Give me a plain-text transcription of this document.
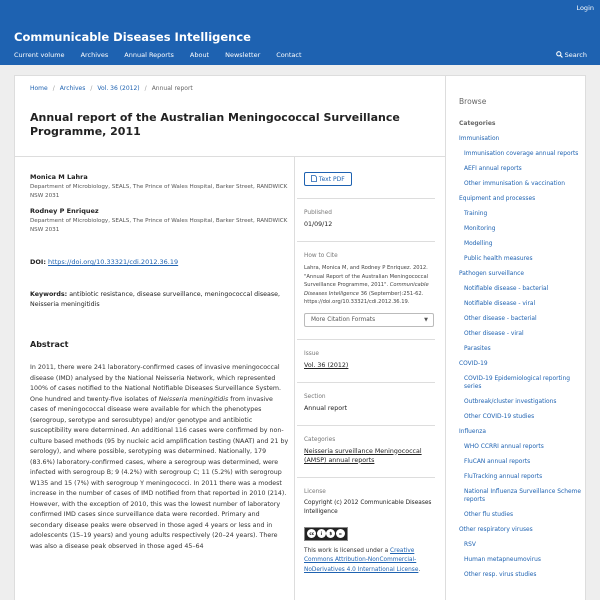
Login
Communicable Diseases Intelligence
Current volume Archives Annual Reports About Newsletter Contact	Search
Home / Archives / Vol. 36 (2012) / Annual report
Annual report of the Australian Meningococcal Surveillance Programme, 2011
Monica M Lahra
Department of Microbiology, SEALS, The Prince of Wales Hospital, Barker Street, RANDWICK NSW 2031
Rodney P Enriquez
Department of Microbiology, SEALS, The Prince of Wales Hospital, Barker Street, RANDWICK NSW 2031
DOI: https://doi.org/10.33321/cdi.2012.36.19
Keywords: antibiotic resistance, disease surveillance, meningococcal disease, Neisseria meningitidis
Abstract
In 2011, there were 241 laboratory-confirmed cases of invasive meningococcal disease (IMD) analysed by the National Neisseria Network, which represented 100% of cases notified to the National Notifiable Diseases Surveillance System. One hundred and twenty-five isolates of Neisseria meningitidis from invasive cases of meningococcal disease were available for which the phenotypes (serogroup, serotype and serosubtype) and/or genotype and antibiotic susceptibility were determined. An additional 116 cases were confirmed by non-culture based methods (95 by nucleic acid amplification testing (NAAT) and 21 by serology), and where possible, serotyping was determined. Nationally, 179 (83.6%) laboratory-confirmed cases, where a serogroup was determined, were infected with serogroup B; 9 (4.2%) with serogroup C; 11 (5.2%) with serogroup W135 and 15 (7%) with serogroup Y meningococci. In 2011 there was a modest increase in the number of cases of IMD notified from that reported in 2010 (214). However, with the exception of 2010, this was the lowest number of laboratory confirmed IMD cases since surveillance data were recorded. Primary and secondary disease peaks were observed in those aged 4 years or less and in adolescents (15–19 years) and young adults respectively (20–24 years). There was also a disease peak observed in those aged 45–64
Text PDF
Published
01/09/12
How to Cite
Lahra, Monica M, and Rodney P Enriquez. 2012. "Annual Report of the Australian Meningococcal Surveillance Programme, 2011". Communicable Diseases Intelligence 36 (September):251-62. https://doi.org/10.33321/cdi.2012.36.19.
More Citation Formats	▼
Issue
Vol. 36 (2012)
Section
Annual report
Categories
Neisseria surveillance Meningococcal (AMSP) annual reports
License
Copyright (c) 2012 Communicable Diseases Intelligence
cc	i	$	=
This work is licensed under a Creative Commons Attribution-NonCommercial-NoDerivatives 4.0 International License.
Browse
Categories
Immunisation
Immunisation coverage annual reports
AEFI annual reports
Other immunisation & vaccination
Equipment and processes
Training
Monitoring
Modelling
Public health measures
Pathogen surveillance
Notifiable disease - bacterial
Notifiable disease - viral
Other disease - bacterial
Other disease - viral
Parasites
COVID-19
COVID-19 Epidemiological reporting series
Outbreak/cluster investigations
Other COVID-19 studies
Influenza
WHO CCRRI annual reports
FluCAN annual reports
FluTracking annual reports
National Influenza Surveillance Scheme reports
Other flu studies
Other respiratory viruses
RSV
Human metapneumovirus
Other resp. virus studies
